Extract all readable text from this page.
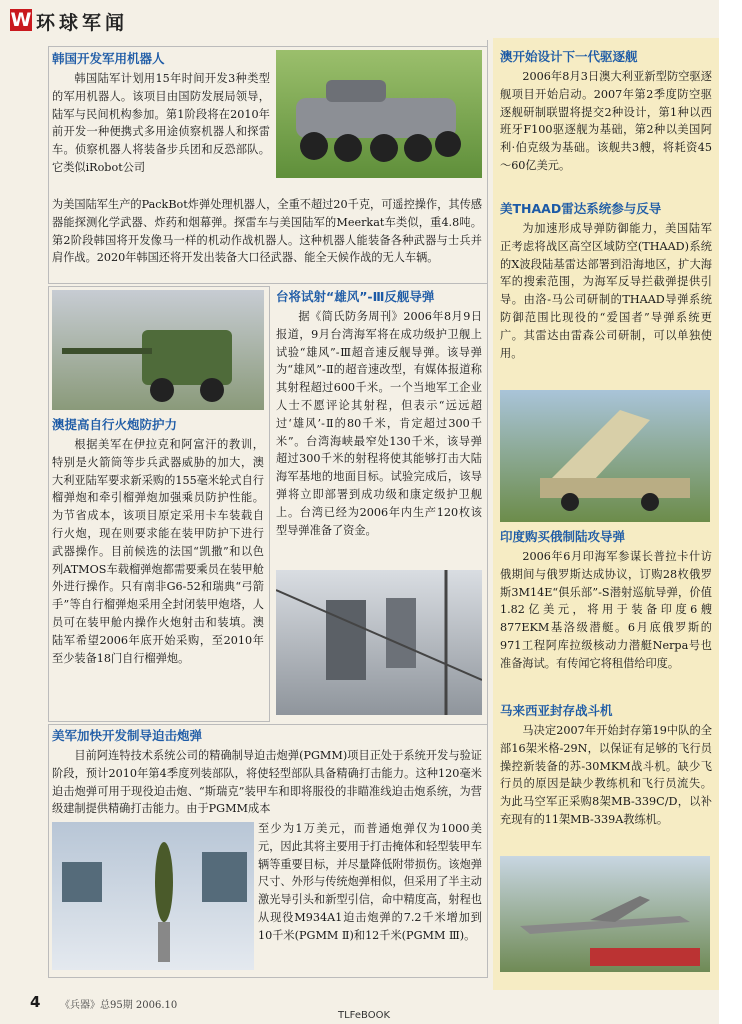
W 环球军闻
韩国开发军用机器人

韩国陆军计划用15年时间开发3种类型的军用机器人。该项目由国防发展局领导，陆军与民间机构参加。第1阶段将在2010年前开发一种便携式多用途侦察机器人和探雷车。侦察机器人将装备步兵团和反恐部队。它类似iRobot公司

为美国陆军生产的PackBot炸弹处理机器人，全重不超过20千克，可遥控操作，其传感器能探测化学武器、炸药和烟幕弹。探雷车与美国陆军的Meerkat车类似，重4.8吨。第2阶段韩国将开发像马一样的机动作战机器人。这种机器人能装备各种武器与士兵并肩作战。2020年韩国还将开发出装备大口径武器、能全天候作战的无人车辆。

澳提高自行火炮防护力

根据美军在伊拉克和阿富汗的教训，特别是火箭筒等步兵武器威胁的加大，澳大利亚陆军要求新采购的155毫米轮式自行榴弹炮和牵引榴弹炮加强乘员防护性能。为节省成本，该项目原定采用卡车装载自行火炮，现在则要求能在装甲防护下进行武器操作。目前候选的法国“凯撒”和以色列ATMOS车载榴弹炮都需要乘员在装甲舱外进行操作。只有南非G6-52和瑞典“弓箭手”等自行榴弹炮采用全封闭装甲炮塔，人员可在装甲舱内操作火炮射击和装填。澳陆军希望2006年底开始采购，至2010年至少装备18门自行榴弹炮。

台将试射“雄风”-Ⅲ反舰导弹

据《简氏防务周刊》2006年8月9日报道，9月台湾海军将在成功级护卫舰上试验“雄风”-Ⅲ超音速反舰导弹。该导弹为“雄风”-Ⅱ的超音速改型，有媒体报道称其射程超过600千米。一个当地军工企业人士不愿评论其射程，但表示“远远超过‘雄风’-Ⅱ的80千米，肯定超过300千米”。台湾海峡最窄处130千米，该导弹超过300千米的射程将使其能够打击大陆海军基地的地面目标。试验完成后，该导弹将立即部署到成功级和康定级护卫舰上。台湾已经为2006年内生产120枚该型导弹准备了资金。

美军加快开发制导迫击炮弹

目前阿连特技术系统公司的精确制导迫击炮弹(PGMM)项目正处于系统开发与验证阶段，预计2010年第4季度列装部队，将使轻型部队具备精确打击能力。这种120毫米迫击炮弹可用于现役迫击炮、“斯瑞克”装甲车和即将服役的非瞄准线迫击炮系统，为营级建制提供精确打击能力。由于PGMM成本

至少为1万美元，而普通炮弹仅为1000美元，因此其将主要用于打击掩体和轻型装甲车辆等重要目标，并尽量降低附带损伤。该炮弹尺寸、外形与传统炮弹相似，但采用了半主动激光导引头和新型引信，命中精度高，射程也从现役M934A1迫击炮弹的7.2千米增加到10千米(PGMM Ⅱ)和12千米(PGMM Ⅲ)。

澳开始设计下一代驱逐舰

2006年8月3日澳大利亚新型防空驱逐舰项目开始启动。2007年第2季度防空驱逐舰研制联盟将提交2种设计，第1种以西班牙F100驱逐舰为基础，第2种以美国阿利·伯克级为基础。该舰共3艘，将耗资45～60亿美元。

美THAAD雷达系统参与反导

为加速形成导弹防御能力，美国陆军正考虑将战区高空区域防空(THAAD)系统的X波段陆基雷达部署到沿海地区，扩大海军的搜索范围，为海军反导拦截弹提供引导。由洛-马公司研制的THAAD导弹系统防御范围比现役的“爱国者”导弹系统更广。其雷达由雷森公司研制，可以单独使用。

印度购买俄制陆攻导弹

2006年6月印海军参谋长普拉卡什访俄期间与俄罗斯达成协议，订购28枚俄罗斯3M14E“俱乐部”-S潜射巡航导弹，价值1.82亿美元，将用于装备印度6艘877EKM基洛级潜艇。6月底俄罗斯的971工程阿库拉级核动力潜艇Nerpa号也准备海试。有传闻它将租借给印度。

马来西亚封存战斗机

马决定2007年开始封存第19中队的全部16架米格-29N，以保证有足够的飞行员操控新装备的苏-30MKM战斗机。缺少飞行员的原因是缺少教练机和飞行员流失。为此马空军正采购8架MB-339C/D，以补充现有的11架MB-339A教练机。

4 《兵器》总95期 2006.10
TLFeBOOK
